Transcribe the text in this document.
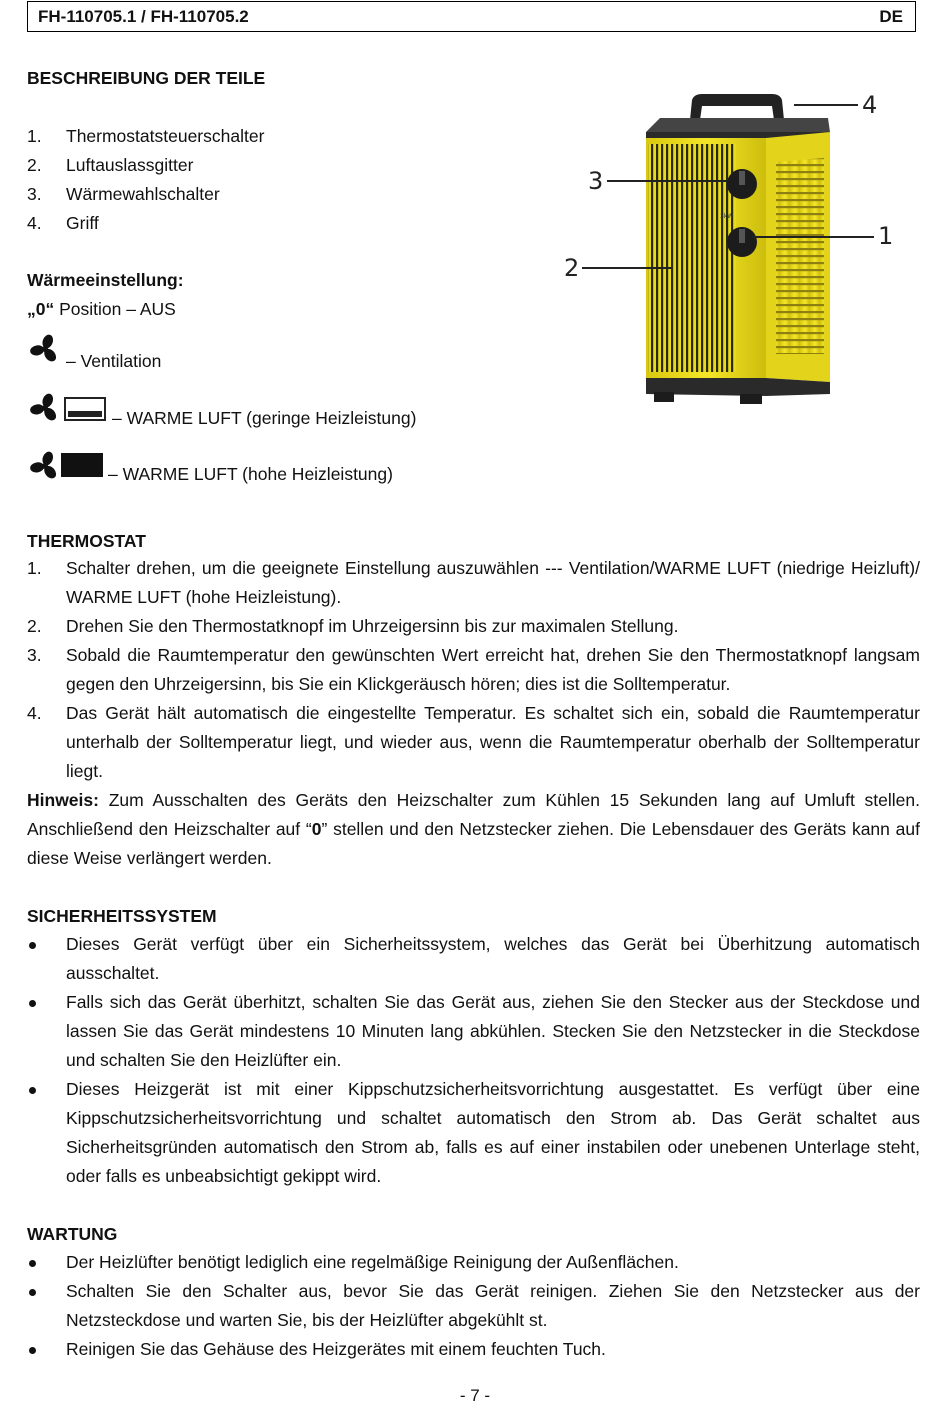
FH-110705.1 / FH-110705.2	DE
BESCHREIBUNG DER TEILE
1. Thermostatsteuerschalter
2. Luftauslassgitter
3. Wärmewahlschalter
4. Griff
Wärmeeinstellung:
„0“ Position – AUS
– Ventilation
– WARME LUFT (geringe Heizleistung)
– WARME LUFT (hohe Heizleistung)
3kW
4
3
1
2
THERMOSTAT
1. Schalter drehen, um die geeignete Einstellung auszuwählen --- Ventilation/WARME LUFT (niedrige Heizluft)/ WARME LUFT (hohe Heizleistung).
2. Drehen Sie den Thermostatknopf im Uhrzeigersinn bis zur maximalen Stellung.
3. Sobald die Raumtemperatur den gewünschten Wert erreicht hat, drehen Sie den Thermostatknopf langsam gegen den Uhrzeigersinn, bis Sie ein Klickgeräusch hören; dies ist die Solltemperatur.
4. Das Gerät hält automatisch die eingestellte Temperatur. Es schaltet sich ein, sobald die Raumtemperatur unterhalb der Solltemperatur liegt, und wieder aus, wenn die Raumtemperatur oberhalb der Solltemperatur liegt.
Hinweis: Zum Ausschalten des Geräts den Heizschalter zum Kühlen 15 Sekunden lang auf Umluft stellen. Anschließend den Heizschalter auf “0” stellen und den Netzstecker ziehen. Die Lebensdauer des Geräts kann auf diese Weise verlängert werden.
SICHERHEITSSYSTEM
Dieses Gerät verfügt über ein Sicherheitssystem, welches das Gerät bei Überhitzung automatisch ausschaltet.
Falls sich das Gerät überhitzt, schalten Sie das Gerät aus, ziehen Sie den Stecker aus der Steckdose und lassen Sie das Gerät mindestens 10 Minuten lang abkühlen. Stecken Sie den Netzstecker in die Steckdose und schalten Sie den Heizlüfter ein.
Dieses Heizgerät ist mit einer Kippschutzsicherheitsvorrichtung ausgestattet. Es verfügt über eine Kippschutzsicherheitsvorrichtung und schaltet automatisch den Strom ab. Das Gerät schaltet aus Sicherheitsgründen automatisch den Strom ab, falls es auf einer instabilen oder unebenen Unterlage steht, oder falls es unbeabsichtigt gekippt wird.
WARTUNG
Der Heizlüfter benötigt lediglich eine regelmäßige Reinigung der Außenflächen.
Schalten Sie den Schalter aus, bevor Sie das Gerät reinigen. Ziehen Sie den Netzstecker aus der Netzsteckdose und warten Sie, bis der Heizlüfter abgekühlt st.
Reinigen Sie das Gehäuse des Heizgerätes mit einem feuchten Tuch.
- 7 -
